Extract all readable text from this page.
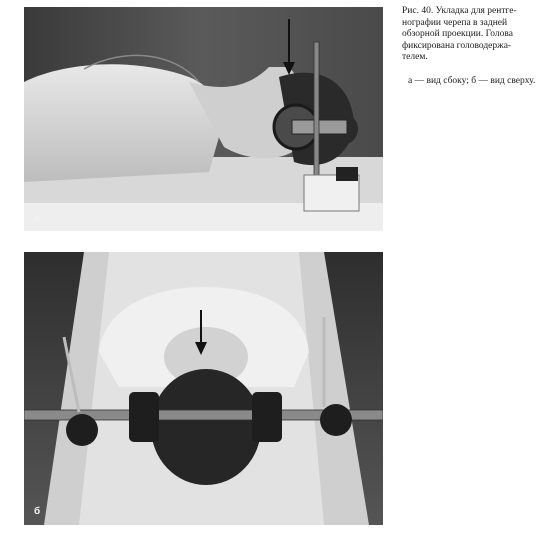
а
б
Рис. 40. Укладка для рентге-
нографии черепа в задней
обзорной проекции. Голова
фиксирована головодержа-
телем.
а — вид сбоку; б — вид сверху.
